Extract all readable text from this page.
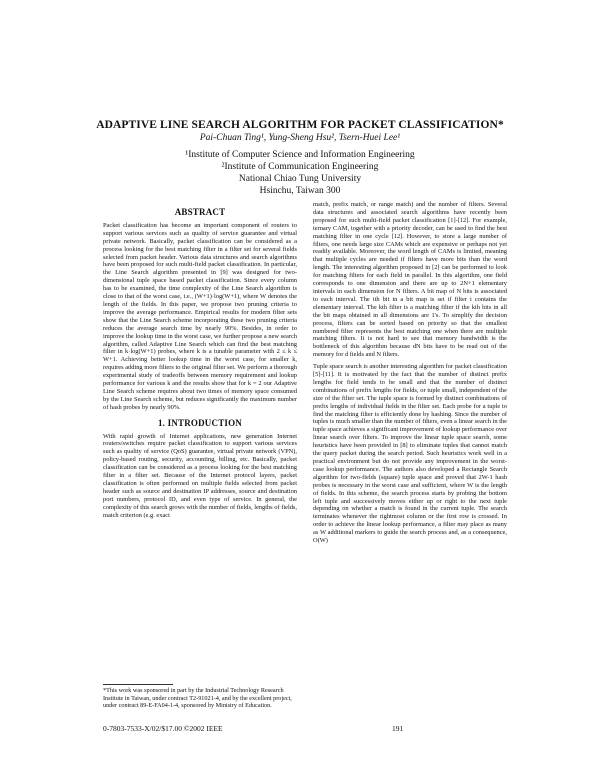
ADAPTIVE LINE SEARCH ALGORITHM FOR PACKET CLASSIFICATION*
Pai-Chuan Ting¹, Yung-Sheng Hsu², Tsern-Huei Lee¹
¹Institute of Computer Science and Information Engineering
²Institute of Communication Engineering
National Chiao Tung University
Hsinchu, Taiwan 300
ABSTRACT

Packet classification has become an important component of routers to support various services such as quality of service guarantee and virtual private network. Basically, packet classification can be considered as a process looking for the best matching filter in a filter set for several fields selected from packet header. Various data structures and search algorithms have been proposed for such multi-field packet classification. In particular, the Line Search algorithm presented in [9] was designed for two-dimensional tuple space based packet classification. Since every column has to be examined, the time complexity of the Line Search algorithm is close to that of the worst case, i.e., (W+1)·log(W+1), where W denotes the length of the fields. In this paper, we propose two pruning criteria to improve the average performance. Empirical results for modern filter sets show that the Line Search scheme incorporating these two pruning criteria reduces the average search time by nearly 90%. Besides, in order to improve the lookup time in the worst case, we further propose a new search algorithm, called Adaptive Line Search which can find the best matching filter in k·log(W+1) probes, where k is a tunable parameter with 2 ≤ k ≤ W+1. Achieving better lookup time in the worst case, for smaller k, requires adding more filters to the original filter set. We perform a thorough experimental study of tradeoffs between memory requirement and lookup performance for various k and the results show that for k = 2 our Adaptive Line Search scheme requires about two times of memory space consumed by the Line Search scheme, but reduces significantly the maximum number of hash probes by nearly 90%.

1. INTRODUCTION

With rapid growth of Internet applications, new generation Internet routers/switches require packet classification to support various services such as quality of service (QoS) guarantee, virtual private network (VPN), policy-based routing, security, accounting, billing, etc. Basically, packet classification can be considered as a process looking for the best matching filter in a filter set. Because of the Internet protocol layers, packet classification is often performed on multiple fields selected from packet header such as source and destination IP addresses, source and destination port numbers, protocol ID, and even type of service. In general, the complexity of this search grows with the number of fields, lengths of fields, match criterion (e.g. exact

*This work was sponsored in part by the Industrial Technology Research Institute in Taiwan, under contract T2-91021-4, and by the excellent project, under contract 89-E-FA04-1-4, sponsored by Ministry of Education.

match, prefix match, or range match) and the number of filters. Several data structures and associated search algorithms have recently been proposed for such multi-field packet classification [1]-[12]. For example, ternary CAM, together with a priority decoder, can be used to find the best matching filter in one cycle [12]. However, to store a large number of filters, one needs large size CAMs which are expensive or perhaps not yet readily available. Moreover, the word length of CAMs is limited, meaning that multiple cycles are needed if filters have more bits than the word length. The interesting algorithm proposed in [2] can be performed to look for matching filters for each field in parallel. In this algorithm, one field corresponds to one dimension and there are up to 2N+1 elementary intervals in each dimension for N filters. A bit map of N bits is associated to each interval. The ith bit in a bit map is set if filter i contains the elementary interval. The kth filter is a matching filter if the kth bits in all the bit maps obtained in all dimensions are 1's. To simplify the decision process, filters can be sorted based on priority so that the smallest numbered filter represents the best matching one when there are multiple matching filters. It is not hard to see that memory bandwidth is the bottleneck of this algorithm because dN bits have to be read out of the memory for d fields and N filters.

Tuple space search is another interesting algorithm for packet classification [5]-[11]. It is motivated by the fact that the number of distinct prefix lengths for field tends to be small and that the number of distinct combinations of prefix lengths for fields, or tuple small, independent of the size of the filter set. The tuple space is formed by distinct combinations of prefix lengths of individual fields in the filter set. Each probe for a tuple to find the matching filter is efficiently done by hashing. Since the number of tuples is much smaller than the number of filters, even a linear search in the tuple space achieves a significant improvement of lookup performance over linear search over filters. To improve the linear tuple space search, some heuristics have been provided in [8] to eliminate tuples that cannot match the query packet during the search period. Such heuristics work well in a practical environment but do not provide any improvement in the worst-case lookup performance. The authors also developed a Rectangle Search algorithm for two-fields (square) tuple space and proved that 2W-1 hash probes is necessary in the worst case and sufficient, where W is the length of fields. In this scheme, the search process starts by probing the bottom left tuple and successively moves either up or right to the next tuple depending on whether a match is found in the current tuple. The search terminates whenever the rightmost column or the first row is crossed. In order to achieve the linear lookup performance, a filter may place as many as W additional markers to guide the search process and, as a consequence, O(W)

0-7803-7533-X/02/$17.00 ©2002 IEEE	191
